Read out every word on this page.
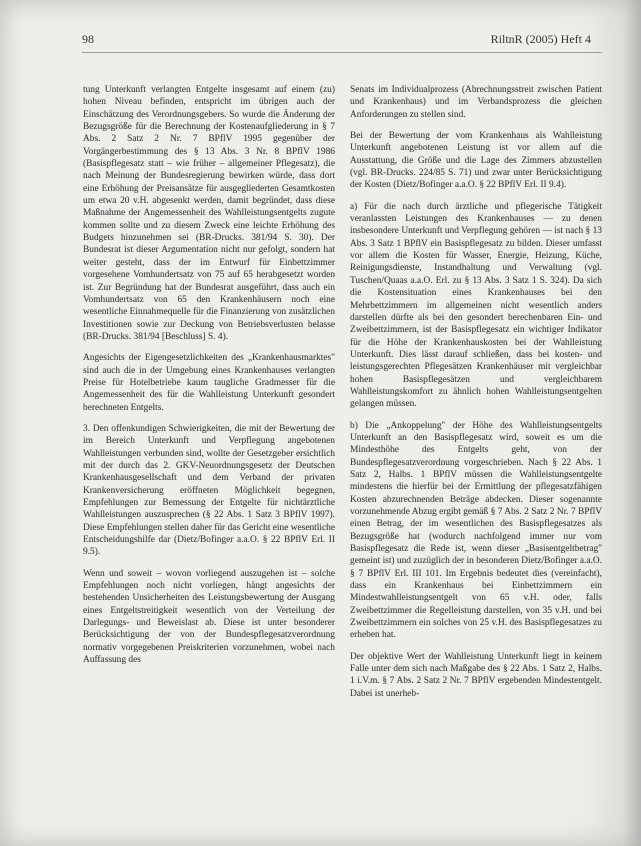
98	RiltnR (2005) Heft 4

tung Unterkunft verlangten Entgelte insgesamt auf einem (zu) hohen Niveau befinden, entspricht im übrigen auch der Einschätzung des Verordnungsgebers. So wurde die Änderung der Bezugsgröße für die Berechnung der Kostenaufgliederung in § 7 Abs. 2 Satz 2 Nr. 7 BPflV 1995 gegenüber der Vorgängerbestimmung des § 13 Abs. 3 Nr. 8 BPflV 1986 (Basispflegesatz statt – wie früher – allgemeiner Pflegesatz), die nach Meinung der Bundesregierung bewirken würde, dass dort eine Erhöhung der Preisansätze für ausgegliederten Gesamtkosten um etwa 20 v.H. abgesenkt werden, damit begründet, dass diese Maßnahme der Angemessenheit des Wahlleistungsentgelts zugute kommen sollte und zu diesem Zweck eine leichte Erhöhung des Budgets hinzunehmen sei (BR-Drucks. 381/94 S. 30). Der Bundesrat ist dieser Argumentation nicht nur gefolgt, sondern hat weiter gesteht, dass der im Entwurf für Einbettzimmer vorgesehene Vomhundertsatz von 75 auf 65 herabgesetzt worden ist. Zur Begründung hat der Bundesrat ausgeführt, dass auch ein Vomhundertsatz von 65 den Krankenhäusern noch eine wesentliche Einnahmequelle für die Finanzierung von zusätzlichen Investitionen sowie zur Deckung von Betriebsverlusten belasse (BR-Drucks. 381/94 [Beschluss] S. 4).

Angesichts der Eigengesetzlichkeiten des „Krankenhausmarktes" sind auch die in der Umgebung eines Krankenhauses verlangten Preise für Hotelbetriebe kaum taugliche Gradmesser für die Angemessenheit des für die Wahlleistung Unterkunft gesondert berechneten Entgelts.

3. Den offenkundigen Schwierigkeiten, die mit der Bewertung der im Bereich Unterkunft und Verpflegung angebotenen Wahlleistungen verbunden sind, wollte der Gesetzgeber ersichtlich mit der durch das 2. GKV-Neuordnungsgesetz der Deutschen Krankenhausgesellschaft und dem Verband der privaten Krankenversicherung eröffneten Möglichkeit begegnen, Empfehlungen zur Bemessung der Entgelte für nichtärztliche Wahlleistungen auszusprechen (§ 22 Abs. 1 Satz 3 BPflV 1997). Diese Empfehlungen stellen daher für das Gericht eine wesentliche Entscheidungshilfe dar (Dietz/Bofinger a.a.O. § 22 BPflV Erl. II 9.5).

Wenn und soweit – wovon vorliegend auszugehen ist – solche Empfehlungen noch nicht vorliegen, hängt angesichts der bestehenden Unsicherheiten des Leistungsbewertung der Ausgang eines Entgeltstreitigkeit wesentlich von der Verteilung der Darlegungs- und Beweislast ab. Diese ist unter besonderer Berücksichtigung der von der Bundespflegesatzverordnung normativ vorgegebenen Preiskriterien vorzunehmen, wobei nach Auffassung des

Senats im Individualprozess (Abrechnungsstreit zwischen Patient und Krankenhaus) und im Verbandsprozess die gleichen Anforderungen zu stellen sind.

Bei der Bewertung der vom Krankenhaus als Wahlleistung Unterkunft angebotenen Leistung ist vor allem auf die Ausstattung, die Größe und die Lage des Zimmers abzustellen (vgl. BR-Drucks. 224/85 S. 71) und zwar unter Berücksichtigung der Kosten (Dietz/Bofinger a.a.O. § 22 BPflV Erl. II 9.4).

a) Für die nach durch ärztliche und pflegerische Tätigkeit veranlassten Leistungen des Krankenhauses — zu denen insbesondere Unterkunft und Verpflegung gehören — ist nach § 13 Abs. 3 Satz 1 BPflV ein Basispflegesatz zu bilden. Dieser umfasst vor allem die Kosten für Wasser, Energie, Heizung, Küche, Reinigungsdienste, Instandhaltung und Verwaltung (vgl. Tuschen/Quaas a.a.O. Erl. zu § 13 Abs. 3 Satz 1 S. 324). Da sich die Kostensituation eines Krankenhauses bei den Mehrbettzimmern im allgemeinen nicht wesentlich anders darstellen dürfte als bei den gesondert berechenbaren Ein- und Zweibettzimmern, ist der Basispflegesatz ein wichtiger Indikator für die Höhe der Krankenhauskosten bei der Wahlleistung Unterkunft. Dies lässt darauf schließen, dass bei kosten- und leistungsgerechten Pflegesätzen Krankenhäuser mit vergleichbar hohen Basispflegesätzen und vergleichbarem Wahlleistungskomfort zu ähnlich hohen Wahlleistungsentgelten gelangen müssen.

b) Die „Ankoppelung" der Höhe des Wahlleistungsentgelts Unterkunft an den Basispflegesatz wird, soweit es um die Mindesthöhe des Entgelts geht, von der Bundespflegesatzverordnung vorgeschrieben. Nach § 22 Abs. 1 Satz 2, Halbs. 1 BPflV müssen die Wahlleistungsentgelte mindestens die hierfür bei der Ermittlung der pflegesatzfähigen Kosten abzurechnenden Beträge abdecken. Dieser sogenannte vorzunehmende Abzug ergibt gemäß § 7 Abs. 2 Satz 2 Nr. 7 BPflV einen Betrag, der im wesentlichen des Basispflegesatzes als Bezugsgröße hat (wodurch nachfolgend immer nur vom Basispflegesatz die Rede ist, wenn dieser „Basisentgeltbetrag" gemeint ist) und zuzüglich der in besonderen Dietz/Bofinger a.a.O. § 7 BPflV Erl. III 101. Im Ergebnis bedeutet dies (vereinfacht), dass ein Krankenhaus bei Einbettzimmern ein Mindestwahlleistungsentgelt von 65 v.H. oder, falls Zweibettzimmer die Regelleistung darstellen, von 35 v.H. und bei Zweibettzimmern ein solches von 25 v.H. des Basispflegesatzes zu erheben hat.

Der objektive Wert der Wahlleistung Unterkunft liegt in keinem Falle unter dem sich nach Maßgabe des § 22 Abs. 1 Satz 2, Halbs. 1 i.V.m. § 7 Abs. 2 Satz 2 Nr. 7 BPflV ergebenden Mindestentgelt. Dabei ist unerheb-
